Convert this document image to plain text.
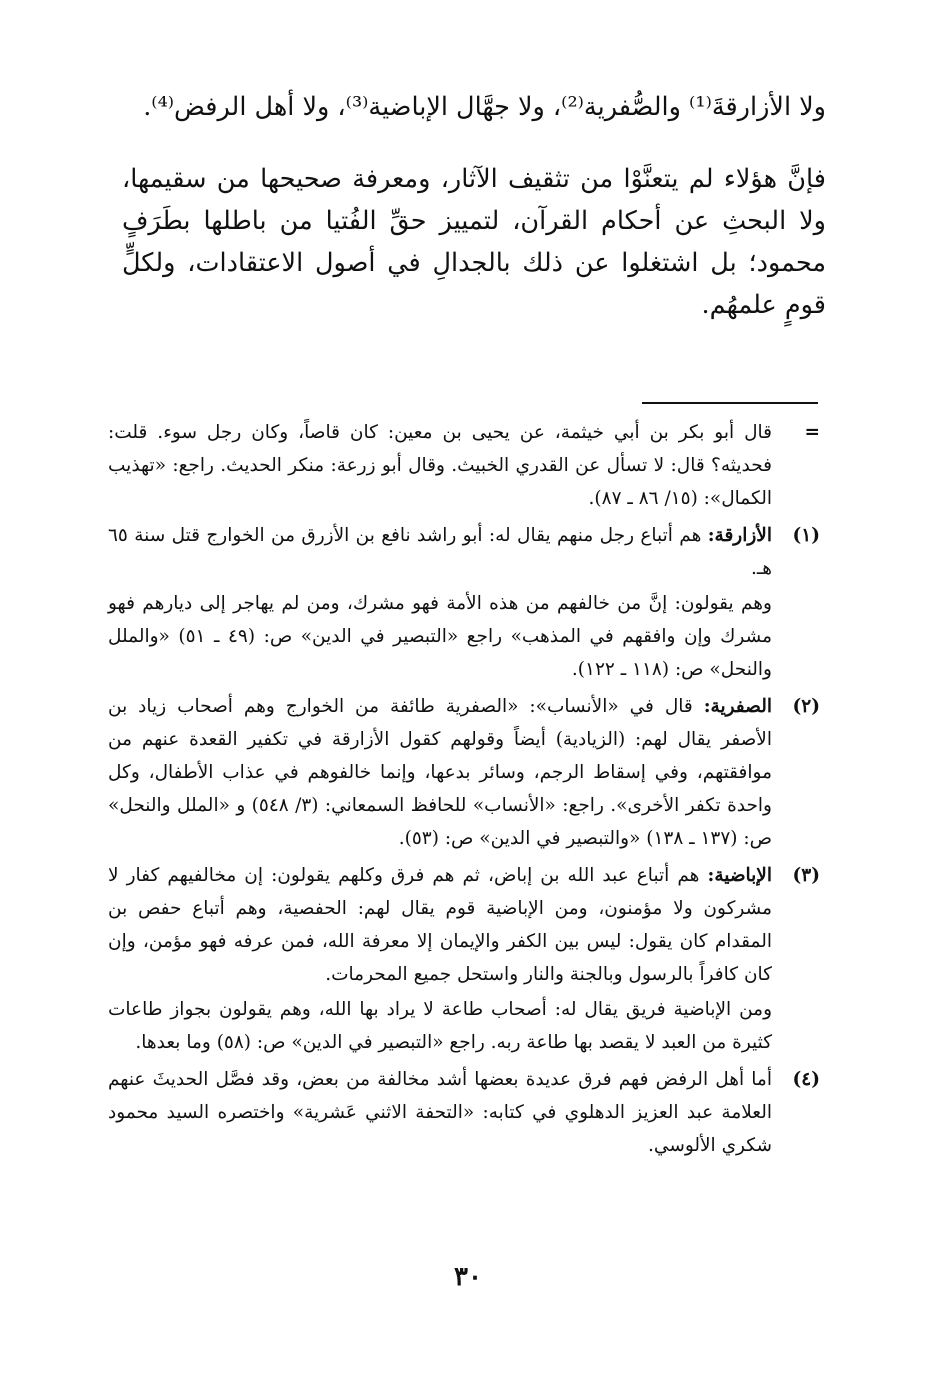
ولا الأزارقةَ⁽¹⁾ والصُّفرية⁽²⁾، ولا جهَّال الإباضية⁽³⁾، ولا أهل الرفض⁽⁴⁾.

فإنَّ هؤلاء لم يتعنَّوْا من تثقيف الآثار، ومعرفة صحيحها من سقيمها، ولا البحثِ عن أحكام القرآن، لتمييز حقِّ الفُتيا من باطلها بطَرَفٍ محمود؛ بل اشتغلوا عن ذلك بالجدالِ في أصول الاعتقادات، ولكلٍّ قومٍ علمهُم.

=

قال أبو بكر بن أبي خيثمة، عن يحيى بن معين: كان قاصاً، وكان رجل سوء. قلت: فحديثه؟ قال: لا تسأل عن القدري الخبيث. وقال أبو زرعة: منكر الحديث. راجع: «تهذيب الكمال»: (١٥/ ٨٦ ـ ٨٧).

(١)

الأزارقة: هم أتباع رجل منهم يقال له: أبو راشد نافع بن الأزرق من الخوارج قتل سنة ٦٥ هـ.

وهم يقولون: إنَّ من خالفهم من هذه الأمة فهو مشرك، ومن لم يهاجر إلى ديارهم فهو مشرك وإن وافقهم في المذهب» راجع «التبصير في الدين» ص: (٤٩ ـ ٥١) «والملل والنحل» ص: (١١٨ ـ ١٢٢).

(٢)

الصفرية: قال في «الأنساب»: «الصفرية طائفة من الخوارج وهم أصحاب زياد بن الأصفر يقال لهم: (الزيادية) أيضاً وقولهم كقول الأزارقة في تكفير القعدة عنهم من موافقتهم، وفي إسقاط الرجم، وسائر بدعها، وإنما خالفوهم في عذاب الأطفال، وكل واحدة تكفر الأخرى». راجع: «الأنساب» للحافظ السمعاني: (٣/ ٥٤٨) و «الملل والنحل» ص: (١٣٧ ـ ١٣٨) «والتبصير في الدين» ص: (٥٣).

(٣)

الإباضية: هم أتباع عبد الله بن إباض، ثم هم فرق وكلهم يقولون: إن مخالفيهم كفار لا مشركون ولا مؤمنون، ومن الإباضية قوم يقال لهم: الحفصية، وهم أتباع حفص بن المقدام كان يقول: ليس بين الكفر والإيمان إلا معرفة الله، فمن عرفه فهو مؤمن، وإن كان كافراً بالرسول وبالجنة والنار واستحل جميع المحرمات.

ومن الإباضية فريق يقال له: أصحاب طاعة لا يراد بها الله، وهم يقولون بجواز طاعات كثيرة من العبد لا يقصد بها طاعة ربه. راجع «التبصير في الدين» ص: (٥٨) وما بعدها.

(٤)

أما أهل الرفض فهم فرق عديدة بعضها أشد مخالفة من بعض، وقد فصَّل الحديثَ عنهم العلامة عبد العزيز الدهلوي في كتابه: «التحفة الاثني عَشرية» واختصره السيد محمود شكري الألوسي.

٣٠
